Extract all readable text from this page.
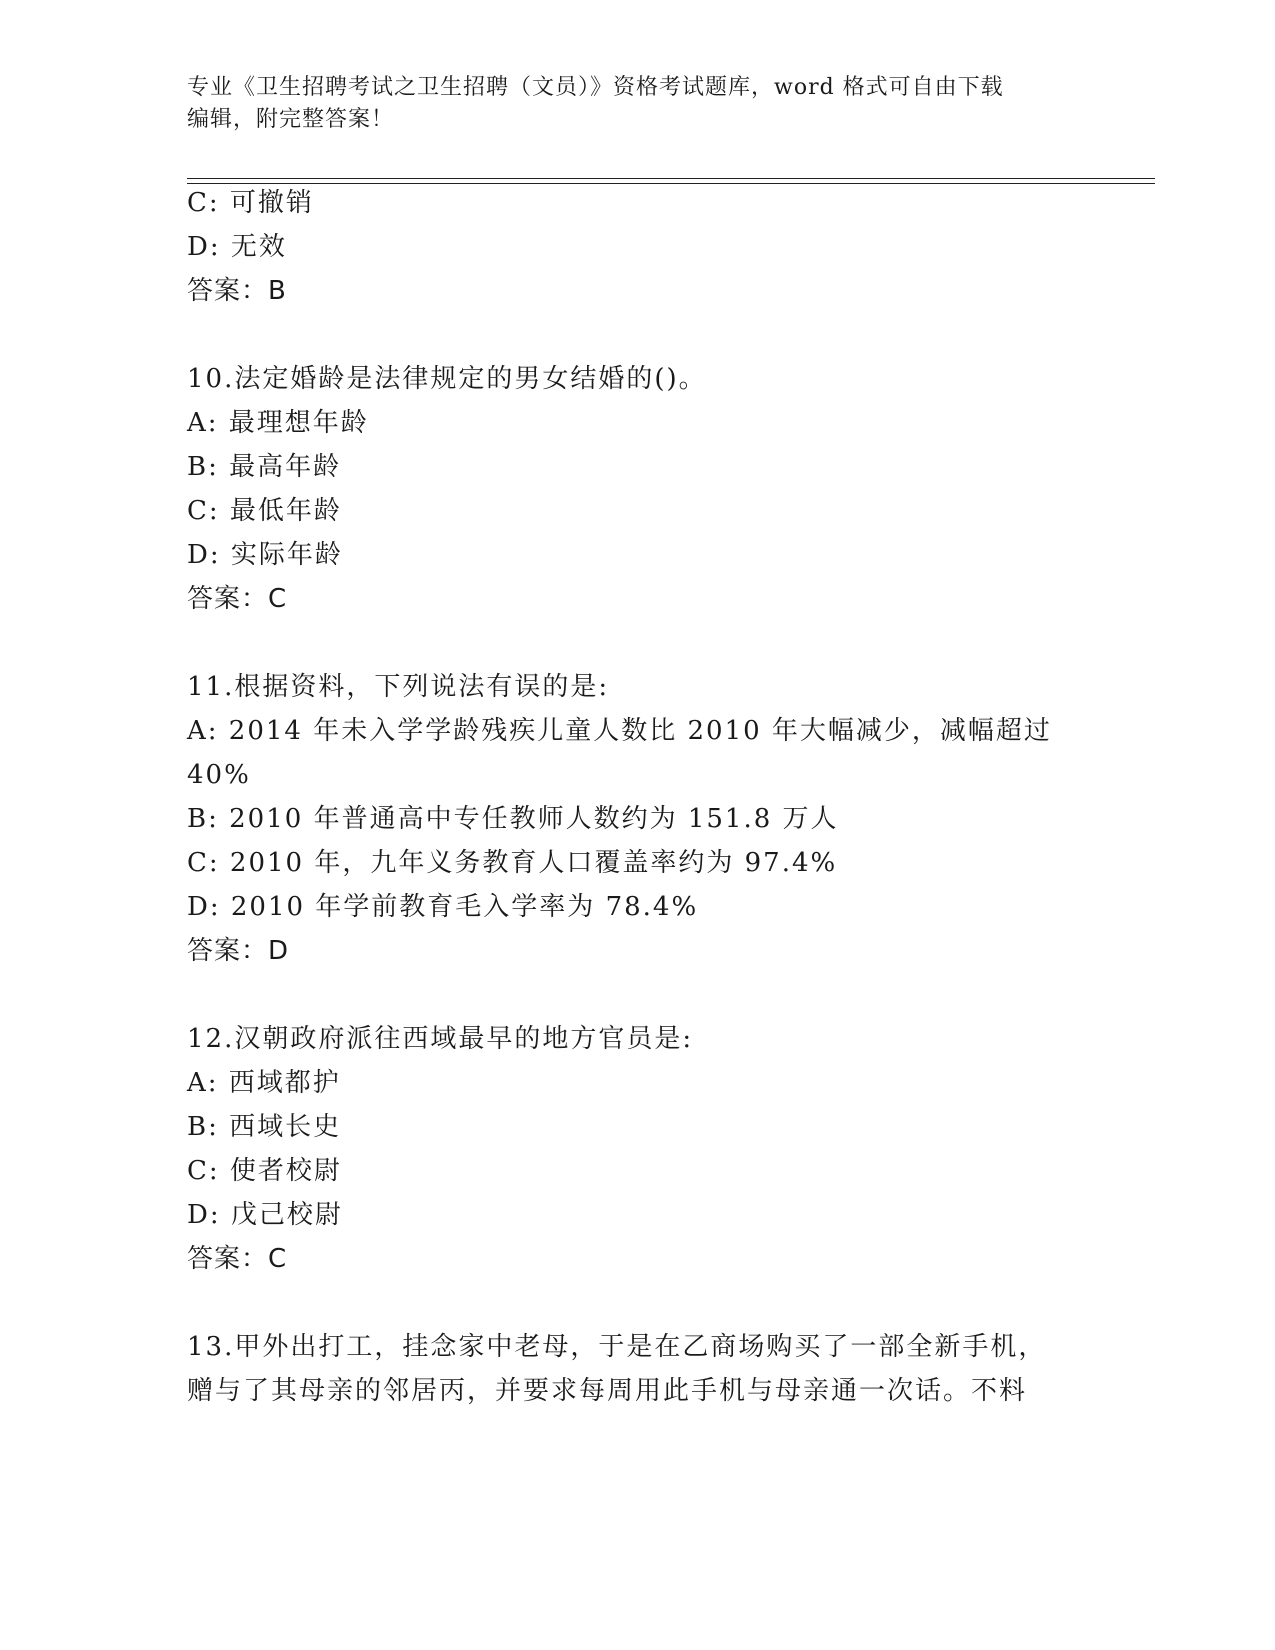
专业《卫生招聘考试之卫生招聘（文员）》资格考试题库，word 格式可自由下载
编辑，附完整答案！
C: 可撤销
D: 无效
答案：B
10.法定婚龄是法律规定的男女结婚的()。
A: 最理想年龄
B: 最高年龄
C: 最低年龄
D: 实际年龄
答案：C
11.根据资料，下列说法有误的是:
A: 2014 年未入学学龄残疾儿童人数比 2010 年大幅减少，减幅超过
40%
B: 2010 年普通高中专任教师人数约为 151.8 万人
C: 2010 年，九年义务教育人口覆盖率约为 97.4%
D: 2010 年学前教育毛入学率为 78.4%
答案：D
12.汉朝政府派往西域最早的地方官员是:
A: 西域都护
B: 西域长史
C: 使者校尉
D: 戊己校尉
答案：C
13.甲外出打工，挂念家中老母，于是在乙商场购买了一部全新手机，
赠与了其母亲的邻居丙，并要求每周用此手机与母亲通一次话。不料
